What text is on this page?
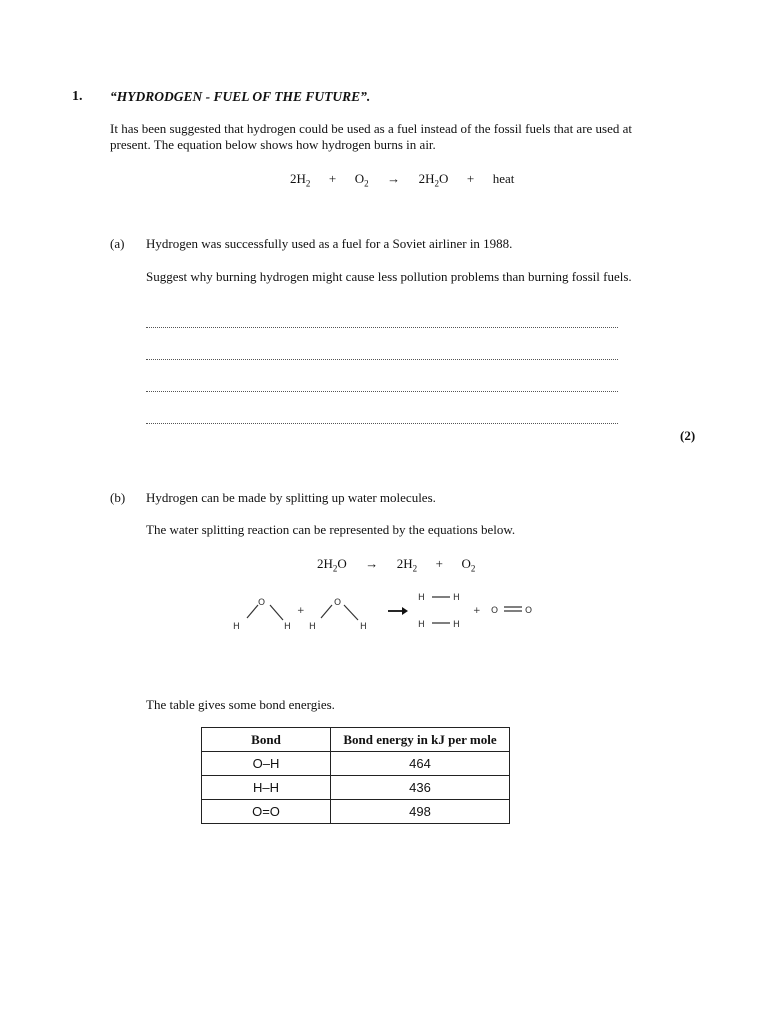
1. “HYDRODGEN - FUEL OF THE FUTURE”.
It has been suggested that hydrogen could be used as a fuel instead of the fossil fuels that are used at present. The equation below shows how hydrogen burns in air.
$2H_2 + O_2 \to 2H_2O$ + heat
(a) Hydrogen was successfully used as a fuel for a Soviet airliner in 1988.
Suggest why burning hydrogen might cause less pollution problems than burning fossil fuels.
(2)
(b) Hydrogen can be made by splitting up water molecules.
The water splitting reaction can be represented by the equations below.
$2H_2O \to 2H_2 + O_2$
O
H	H
+
O
H	H
H	H
H	H
+ O	O
The table gives some bond energies.
Bond	Bond energy in kJ per mole
O–H	464
H–H	436
O=O	498
